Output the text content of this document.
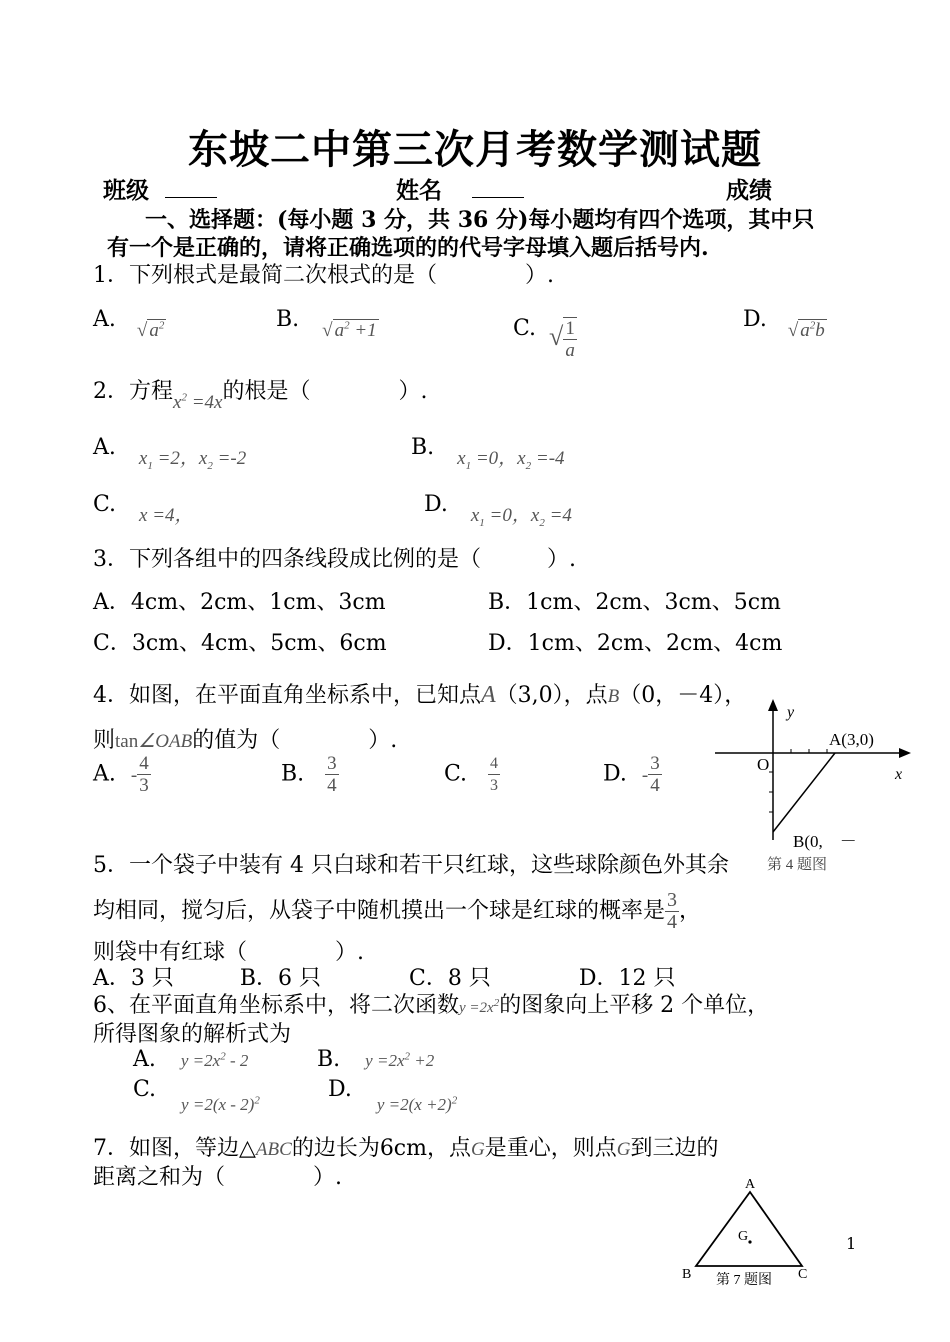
东坡二中第三次月考数学测试题
班级	姓名	成绩
一、选择题：(每小题 3 分，共 36 分)每小题均有四个选项，其中只
有一个是正确的，请将正确选项的的代号字母填入题后括号内.
1．下列根式是最简二次根式的是（　　　　）.
A. √ $a^2$	B. √ $a^2 +1$	C. √ $\frac{1}{a}$	D. √ $a^2b$
2．方程$x^2 =4x$的根是（　　　　）.
A. $x_1 =2$，$x_2 =-2$	B. $x_1 =0$，$x_2 =-4$
C. x =4，	D. $x_1 =0$，$x_2 =4$
3．下列各组中的四条线段成比例的是（　　　）.
A．4cm、2cm、1cm、3cm	B．1cm、2cm、3cm、5cm
C．3cm、4cm、5cm、6cm	D．1cm、2cm、2cm、4cm
4．如图，在平面直角坐标系中，已知点A（3,0），点B（0，－4），
则tan∠OAB的值为（　　　　）.
A. - $\frac{4}{3}$	B. $\frac{3}{4}$	C. $\frac{4}{3}$	D. - $\frac{3}{4}$
y
x
O
A(3,0)
B(0,　－
第 4 题图
5．一个袋子中装有 4 只白球和若干只红球，这些球除颜色外其余
均相同，搅匀后，从袋子中随机摸出一个球是红球的概率是 $\frac{3}{4}$ ，
则袋中有红球（　　　　）.
A．3 只　　　B．6 只　　　　C．8 只　　　　D．12 只
6、在平面直角坐标系中，将二次函数$y =2x^2$的图象向上平移 2 个单位，
所得图象的解析式为
A. $y =2x^2 - 2$	B. $y =2x^2 +2$
C. $_{y =2(x - 2)^2}$	D. $_{y =2(x +2)^2}$
7．如图，等边△ABC的边长为6cm，点G是重心，则点G到三边的
距离之和为（　　　　）.	A
B	C
G
第 7 题图
1
